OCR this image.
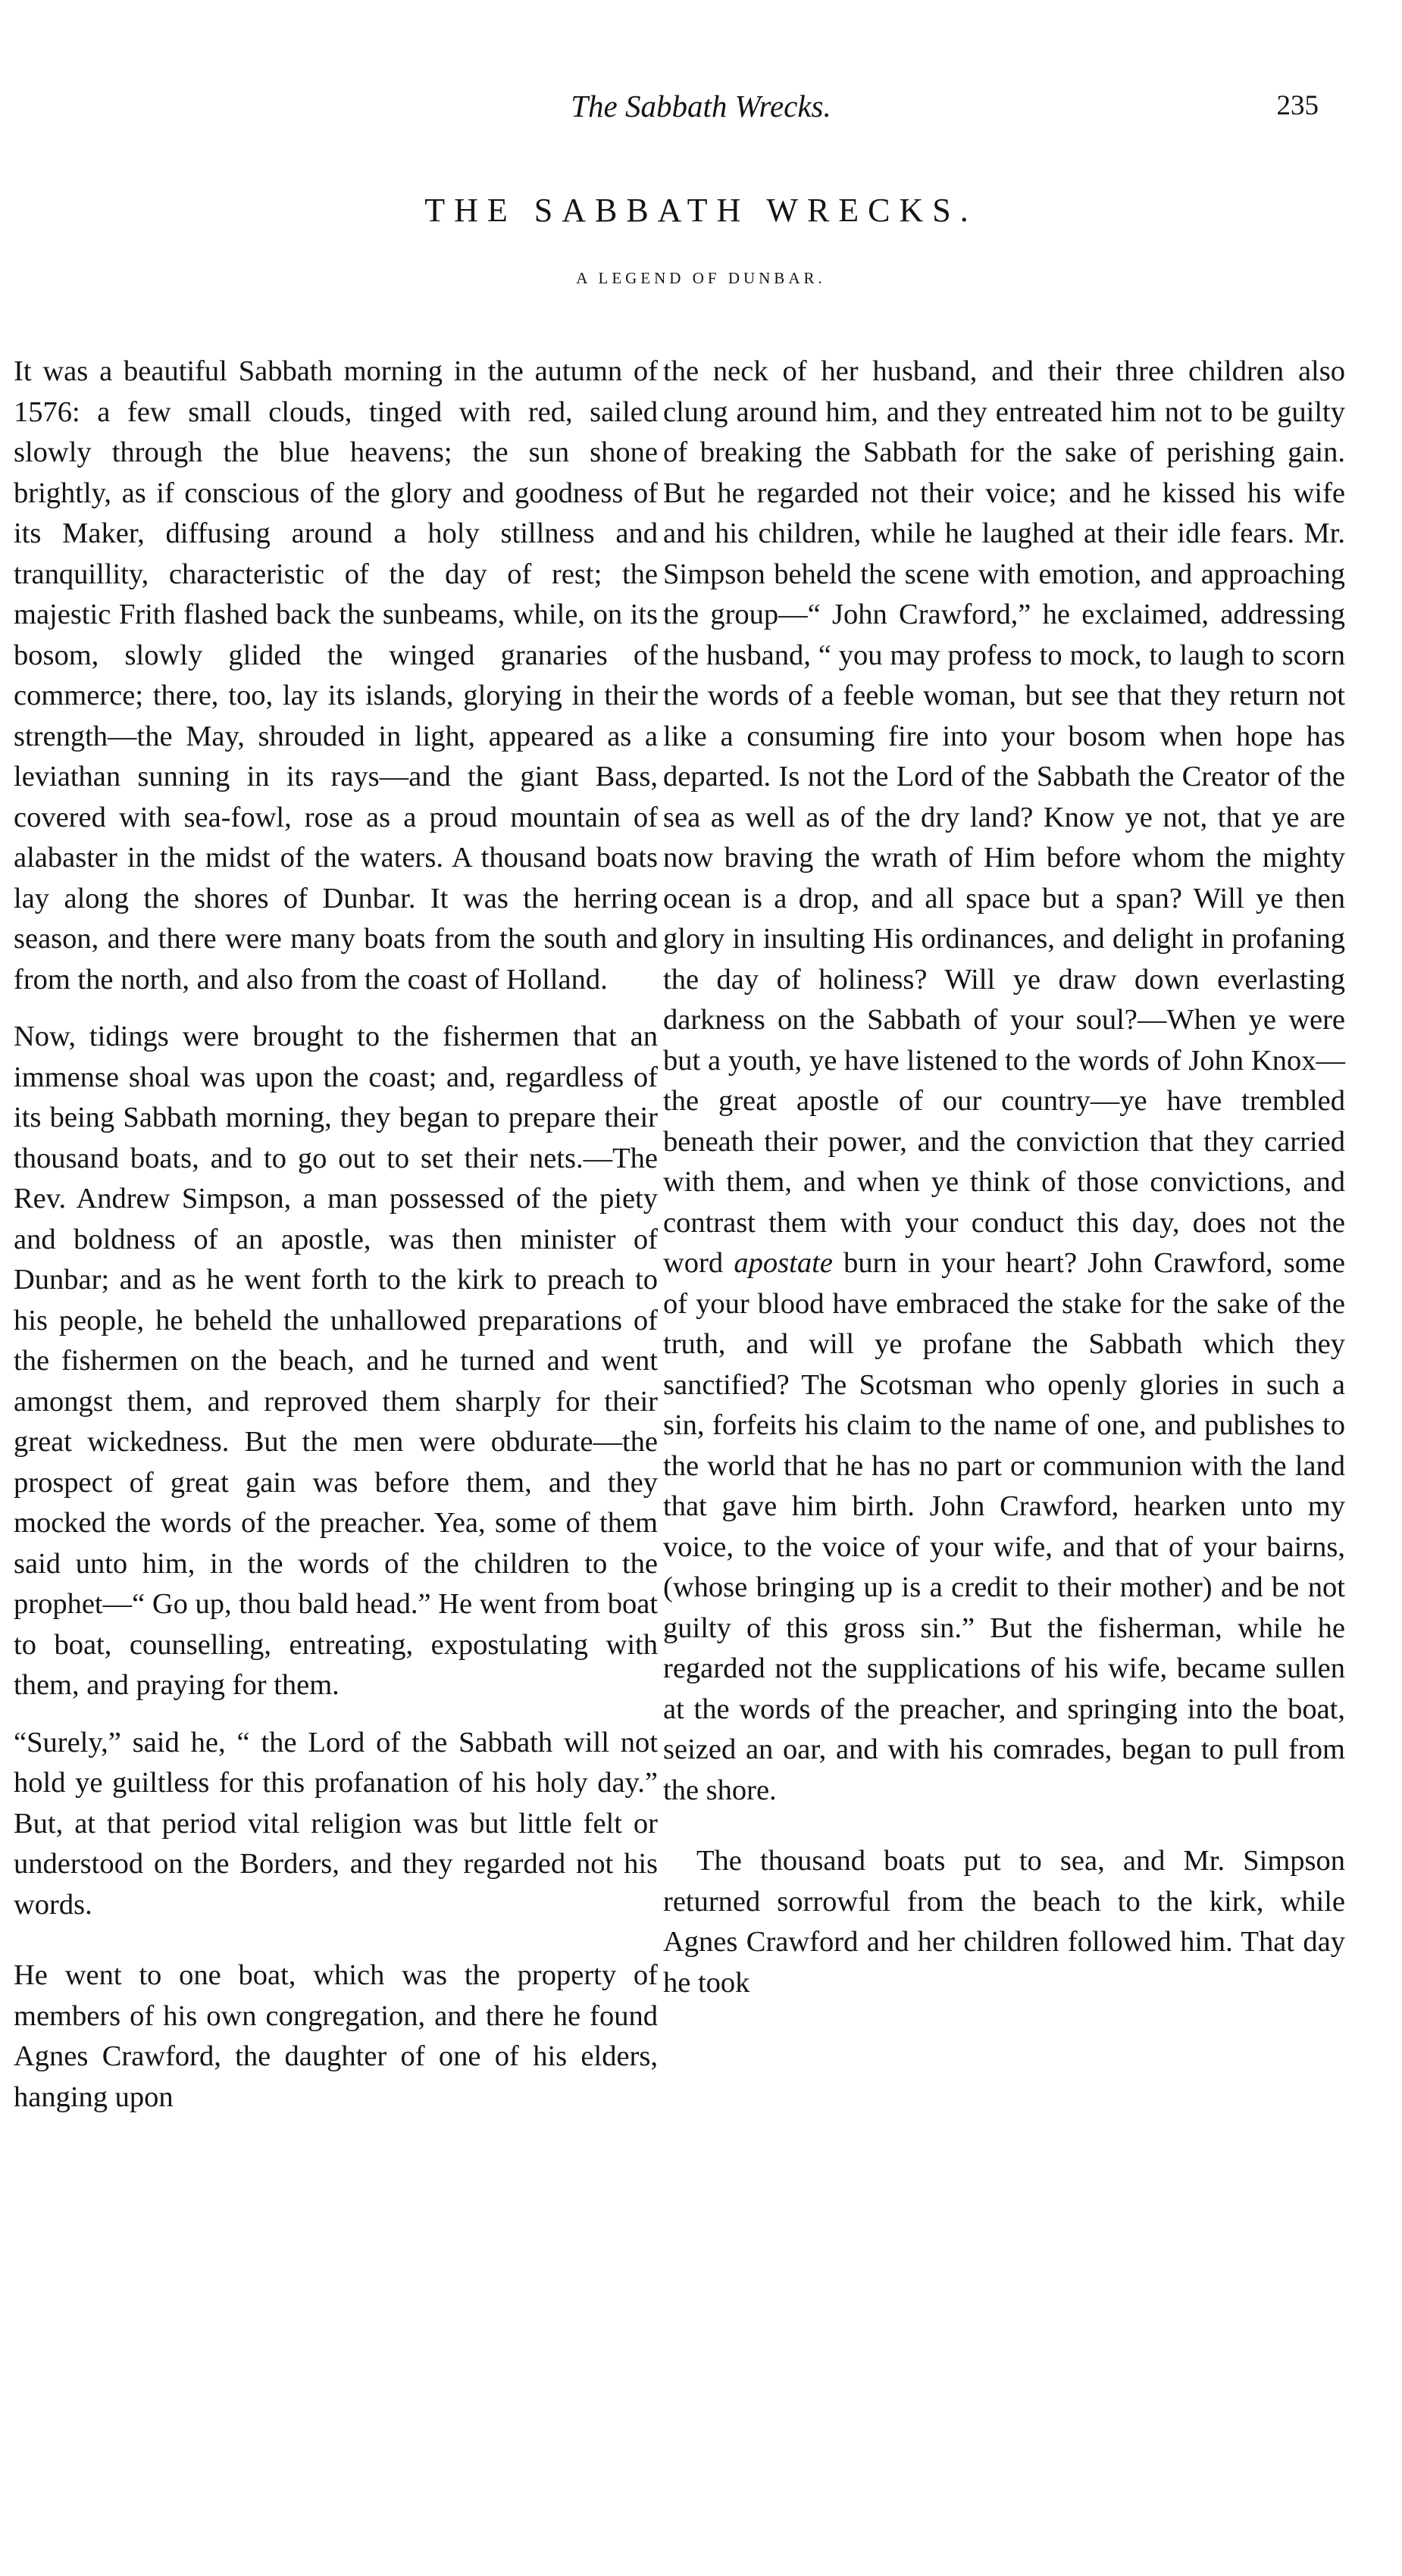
The Sabbath Wrecks.	235
THE SABBATH WRECKS.
A LEGEND OF DUNBAR.

It was a beautiful Sabbath morning in the autumn of 1576: a few small clouds, tinged with red, sailed slowly through the blue heavens; the sun shone brightly, as if conscious of the glory and goodness of its Maker, diffusing around a holy stillness and tranquillity, characteristic of the day of rest; the majestic Frith flashed back the sunbeams, while, on its bosom, slowly glided the winged granaries of commerce; there, too, lay its islands, glorying in their strength—the May, shrouded in light, appeared as a leviathan sunning in its rays—and the giant Bass, covered with sea-fowl, rose as a proud mountain of alabaster in the midst of the waters. A thousand boats lay along the shores of Dunbar. It was the herring season, and there were many boats from the south and from the north, and also from the coast of Holland.

Now, tidings were brought to the fishermen that an immense shoal was upon the coast; and, regardless of its being Sabbath morning, they began to prepare their thousand boats, and to go out to set their nets.—The Rev. Andrew Simpson, a man possessed of the piety and boldness of an apostle, was then minister of Dunbar; and as he went forth to the kirk to preach to his people, he beheld the unhallowed preparations of the fishermen on the beach, and he turned and went amongst them, and reproved them sharply for their great wickedness. But the men were obdurate—the prospect of great gain was before them, and they mocked the words of the preacher. Yea, some of them said unto him, in the words of the children to the prophet—“ Go up, thou bald head.” He went from boat to boat, counselling, entreating, expostulating with them, and praying for them.

“Surely,” said he, “ the Lord of the Sabbath will not hold ye guiltless for this profanation of his holy day.” But, at that period vital religion was but little felt or understood on the Borders, and they regarded not his words.

He went to one boat, which was the property of members of his own congregation, and there he found Agnes Crawford, the daughter of one of his elders, hanging upon

the neck of her husband, and their three children also clung around him, and they entreated him not to be guilty of breaking the Sabbath for the sake of perishing gain. But he regarded not their voice; and he kissed his wife and his children, while he laughed at their idle fears. Mr. Simpson beheld the scene with emotion, and approaching the group—“ John Crawford,” he exclaimed, addressing the husband, “ you may profess to mock, to laugh to scorn the words of a feeble woman, but see that they return not like a consuming fire into your bosom when hope has departed. Is not the Lord of the Sabbath the Creator of the sea as well as of the dry land? Know ye not, that ye are now braving the wrath of Him before whom the mighty ocean is a drop, and all space but a span? Will ye then glory in insulting His ordinances, and delight in profaning the day of holiness? Will ye draw down everlasting darkness on the Sabbath of your soul?—When ye were but a youth, ye have listened to the words of John Knox—the great apostle of our country—ye have trembled beneath their power, and the conviction that they carried with them, and when ye think of those convictions, and contrast them with your conduct this day, does not the word apostate burn in your heart? John Crawford, some of your blood have embraced the stake for the sake of the truth, and will ye profane the Sabbath which they sanctified? The Scotsman who openly glories in such a sin, forfeits his claim to the name of one, and publishes to the world that he has no part or communion with the land that gave him birth. John Crawford, hearken unto my voice, to the voice of your wife, and that of your bairns, (whose bringing up is a credit to their mother) and be not guilty of this gross sin.” But the fisherman, while he regarded not the supplications of his wife, became sullen at the words of the preacher, and springing into the boat, seized an oar, and with his comrades, began to pull from the shore.

The thousand boats put to sea, and Mr. Simpson returned sorrowful from the beach to the kirk, while Agnes Crawford and her children followed him. That day he took
